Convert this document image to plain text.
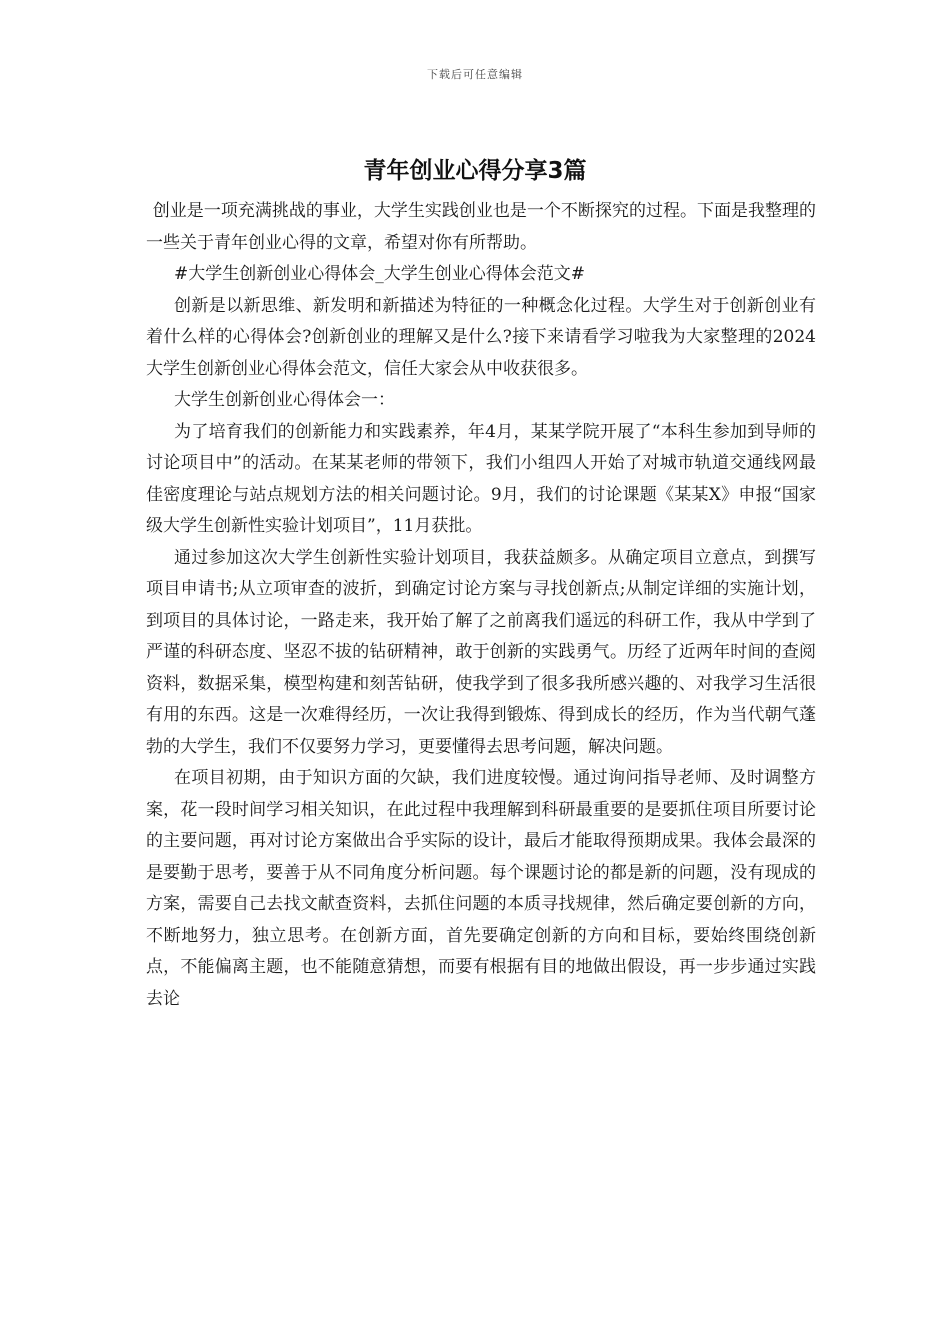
下载后可任意编辑
青年创业心得分享3篇

创业是一项充满挑战的事业，大学生实践创业也是一个不断探究的过程。下面是我整理的一些关于青年创业心得的文章，希望对你有所帮助。

#大学生创新创业心得体会_大学生创业心得体会范文#

创新是以新思维、新发明和新描述为特征的一种概念化过程。大学生对于创新创业有着什么样的心得体会?创新创业的理解又是什么?接下来请看学习啦我为大家整理的2024大学生创新创业心得体会范文，信任大家会从中收获很多。

大学生创新创业心得体会一：

为了培育我们的创新能力和实践素养，年4月，某某学院开展了“本科生参加到导师的讨论项目中”的活动。在某某老师的带领下，我们小组四人开始了对城市轨道交通线网最佳密度理论与站点规划方法的相关问题讨论。9月，我们的讨论课题《某某X》申报“国家级大学生创新性实验计划项目”，11月获批。

通过参加这次大学生创新性实验计划项目，我获益颇多。从确定项目立意点，到撰写项目申请书;从立项审查的波折，到确定讨论方案与寻找创新点;从制定详细的实施计划，到项目的具体讨论，一路走来，我开始了解了之前离我们遥远的科研工作，我从中学到了严谨的科研态度、坚忍不拔的钻研精神，敢于创新的实践勇气。历经了近两年时间的查阅资料，数据采集，模型构建和刻苦钻研，使我学到了很多我所感兴趣的、对我学习生活很有用的东西。这是一次难得经历，一次让我得到锻炼、得到成长的经历，作为当代朝气蓬勃的大学生，我们不仅要努力学习，更要懂得去思考问题，解决问题。

在项目初期，由于知识方面的欠缺，我们进度较慢。通过询问指导老师、及时调整方案，花一段时间学习相关知识，在此过程中我理解到科研最重要的是要抓住项目所要讨论的主要问题，再对讨论方案做出合乎实际的设计，最后才能取得预期成果。我体会最深的是要勤于思考，要善于从不同角度分析问题。每个课题讨论的都是新的问题，没有现成的方案，需要自己去找文献查资料，去抓住问题的本质寻找规律，然后确定要创新的方向，不断地努力，独立思考。在创新方面，首先要确定创新的方向和目标，要始终围绕创新点，不能偏离主题，也不能随意猜想，而要有根据有目的地做出假设，再一步步通过实践去论
